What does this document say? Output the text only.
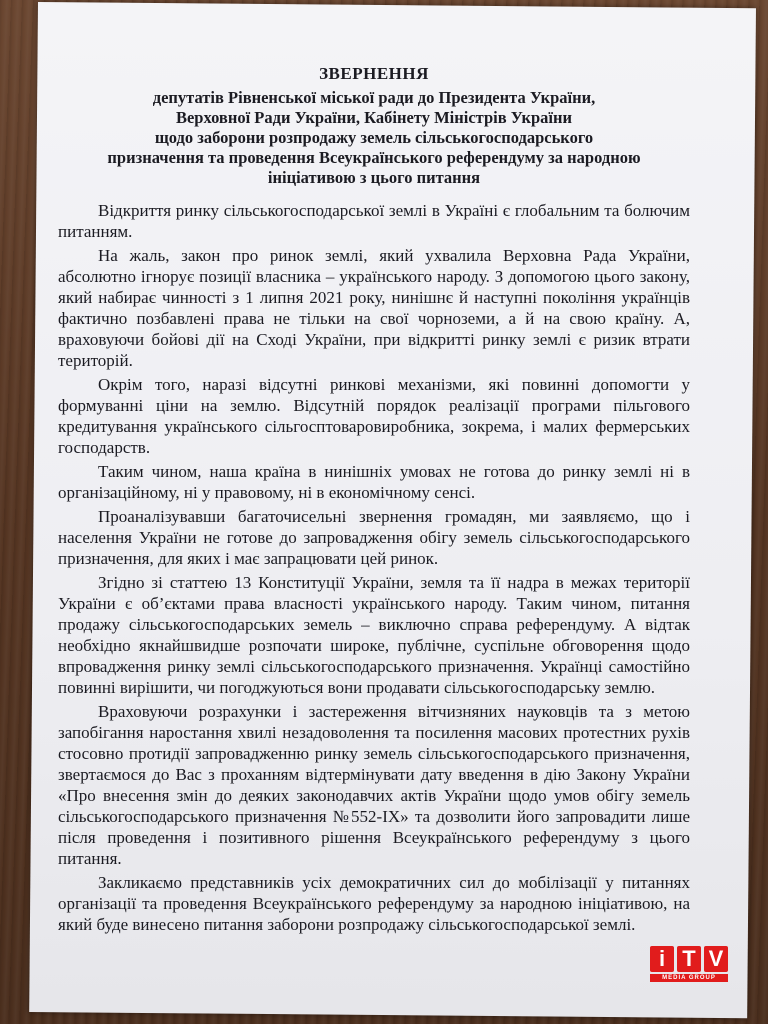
ЗВЕРНЕННЯ
депутатів Рівненської міської ради до Президента України,
Верховної Ради України, Кабінету Міністрів України
щодо заборони розпродажу земель сільськогосподарського
призначення та проведення Всеукраїнського референдуму за народною
ініціативою з цього питання

Відкриття ринку сільськогосподарської землі в Україні є глобальним та болючим питанням.

На жаль, закон про ринок землі, який ухвалила Верховна Рада України, абсолютно ігнорує позиції власника – українського народу. З допомогою цього закону, який набирає чинності з 1 липня 2021 року, нинішнє й наступні покоління українців фактично позбавлені права не тільки на свої чорноземи, а й на свою країну. А, враховуючи бойові дії на Сході України, при відкритті ринку землі є ризик втрати територій.

Окрім того, наразі відсутні ринкові механізми, які повинні допомогти у формуванні ціни на землю. Відсутній порядок реалізації програми пільгового кредитування українського сільгосптоваровиробника, зокрема, і малих фермерських господарств.

Таким чином, наша країна в нинішніх умовах не готова до ринку землі ні в організаційному, ні у правовому, ні в економічному сенсі.

Проаналізувавши багаточисельні звернення громадян, ми заявляємо, що і населення України не готове до запровадження обігу земель сільськогосподарського призначення, для яких і має запрацювати цей ринок.

Згідно зі статтею 13 Конституції України, земля та її надра в межах території України є об’єктами права власності українського народу. Таким чином, питання продажу сільськогосподарських земель – виключно справа референдуму. А відтак необхідно якнайшвидше розпочати широке, публічне, суспільне обговорення щодо впровадження ринку землі сільськогосподарського призначення. Українці самостійно повинні вирішити, чи погоджуються вони продавати сільськогосподарську землю.

Враховуючи розрахунки і застереження вітчизняних науковців та з метою запобігання наростання хвилі незадоволення та посилення масових протестних рухів стосовно протидії запровадженню ринку земель сільськогосподарського призначення, звертаємося до Вас з проханням відтермінувати дату введення в дію Закону України «Про внесення змін до деяких законодавчих актів України щодо умов обігу земель сільськогосподарського призначення №552-IX» та дозволити його запровадити лише після проведення і позитивного рішення Всеукраїнського референдуму з цього питання.

Закликаємо представників усіх демократичних сил до мобілізації у питаннях організації та проведення Всеукраїнського референдуму за народною ініціативою, на який буде винесено питання заборони розпродажу сільськогосподарської землі.

i T V
MEDIA GROUP
